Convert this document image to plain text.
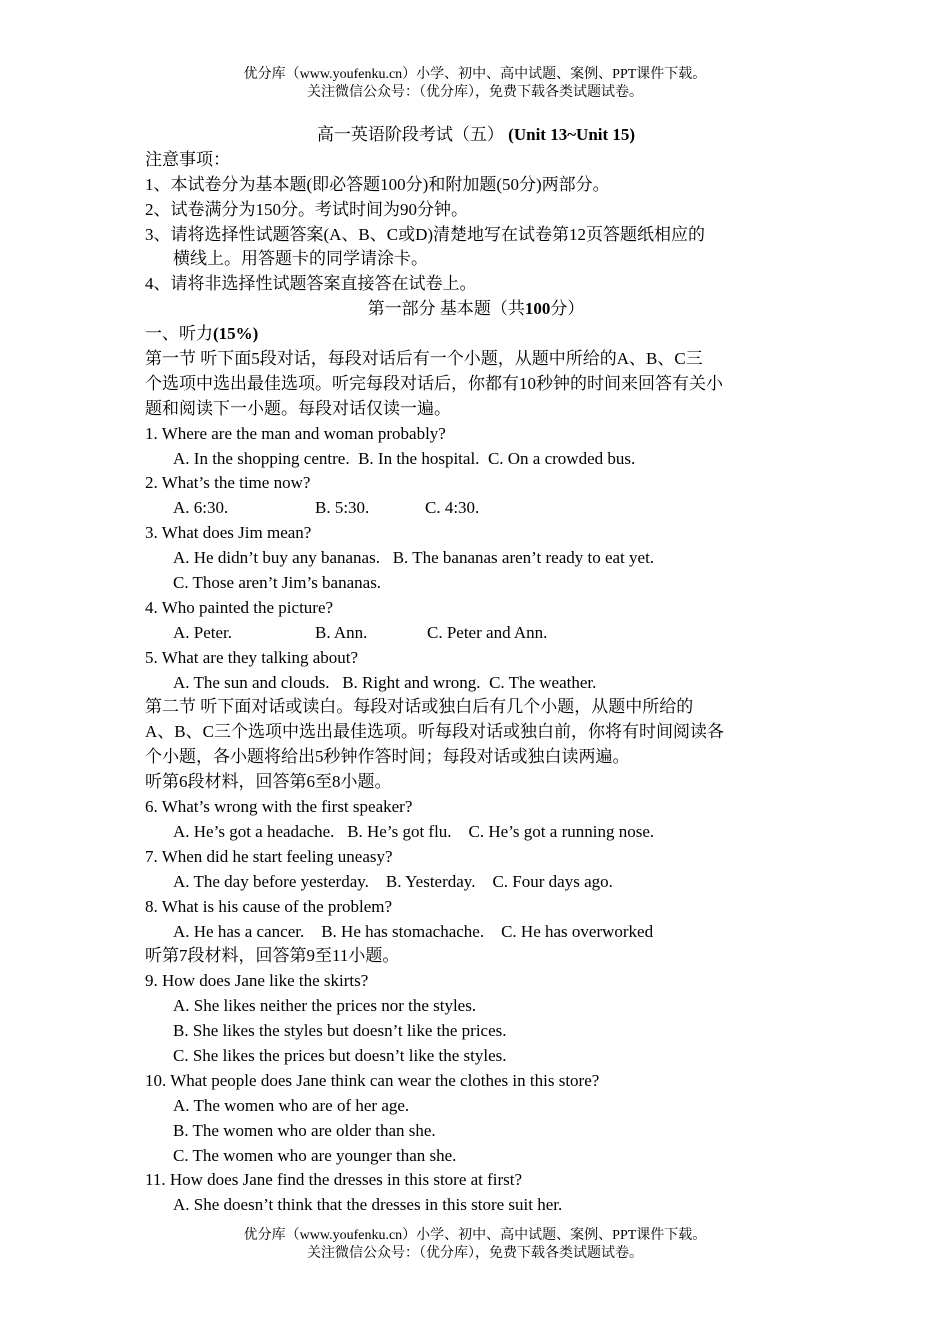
优分库（www.youfenku.cn）小学、初中、高中试题、案例、PPT课件下载。
关注微信公众号：（优分库），免费下载各类试题试卷。
高一英语阶段考试（五） (Unit 13~Unit 15)
注意事项：
1、本试卷分为基本题(即必答题100分)和附加题(50分)两部分。
2、试卷满分为150分。考试时间为90分钟。
3、请将选择性试题答案(A、B、C或D)清楚地写在试卷第12页答题纸相应的
横线上。用答题卡的同学请涂卡。
4、请将非选择性试题答案直接答在试卷上。
第一部分 基本题（共100分）
一、听力(15%)
第一节 听下面5段对话，每段对话后有一个小题，从题中所给的A、B、C三
个选项中选出最佳选项。听完每段对话后，你都有10秒钟的时间来回答有关小
题和阅读下一小题。每段对话仅读一遍。
1. Where are the man and woman probably?
A. In the shopping centre. B. In the hospital. C. On a crowded bus.
2. What’s the time now?
A. 6:30.	B. 5:30.	C. 4:30.
3. What does Jim mean?
A. He didn’t buy any bananas. B. The bananas aren’t ready to eat yet.
C. Those aren’t Jim’s bananas.
4. Who painted the picture?
A. Peter.	B. Ann.	C. Peter and Ann.
5. What are they talking about?
A. The sun and clouds. B. Right and wrong. C. The weather.
第二节 听下面对话或读白。每段对话或独白后有几个小题，从题中所给的
A、B、C三个选项中选出最佳选项。听每段对话或独白前，你将有时间阅读各
个小题，各小题将给出5秒钟作答时间；每段对话或独白读两遍。
听第6段材料，回答第6至8小题。
6. What’s wrong with the first speaker?
A. He’s got a headache. B. He’s got flu. C. He’s got a running nose.
7. When did he start feeling uneasy?
A. The day before yesterday. B. Yesterday. C. Four days ago.
8. What is his cause of the problem?
A. He has a cancer. B. He has stomachache. C. He has overworked
听第7段材料，回答第9至11小题。
9. How does Jane like the skirts?
A. She likes neither the prices nor the styles.
B. She likes the styles but doesn’t like the prices.
C. She likes the prices but doesn’t like the styles.
10. What people does Jane think can wear the clothes in this store?
A. The women who are of her age.
B. The women who are older than she.
C. The women who are younger than she.
11. How does Jane find the dresses in this store at first?
A. She doesn’t think that the dresses in this store suit her.
优分库（www.youfenku.cn）小学、初中、高中试题、案例、PPT课件下载。
关注微信公众号：（优分库），免费下载各类试题试卷。
